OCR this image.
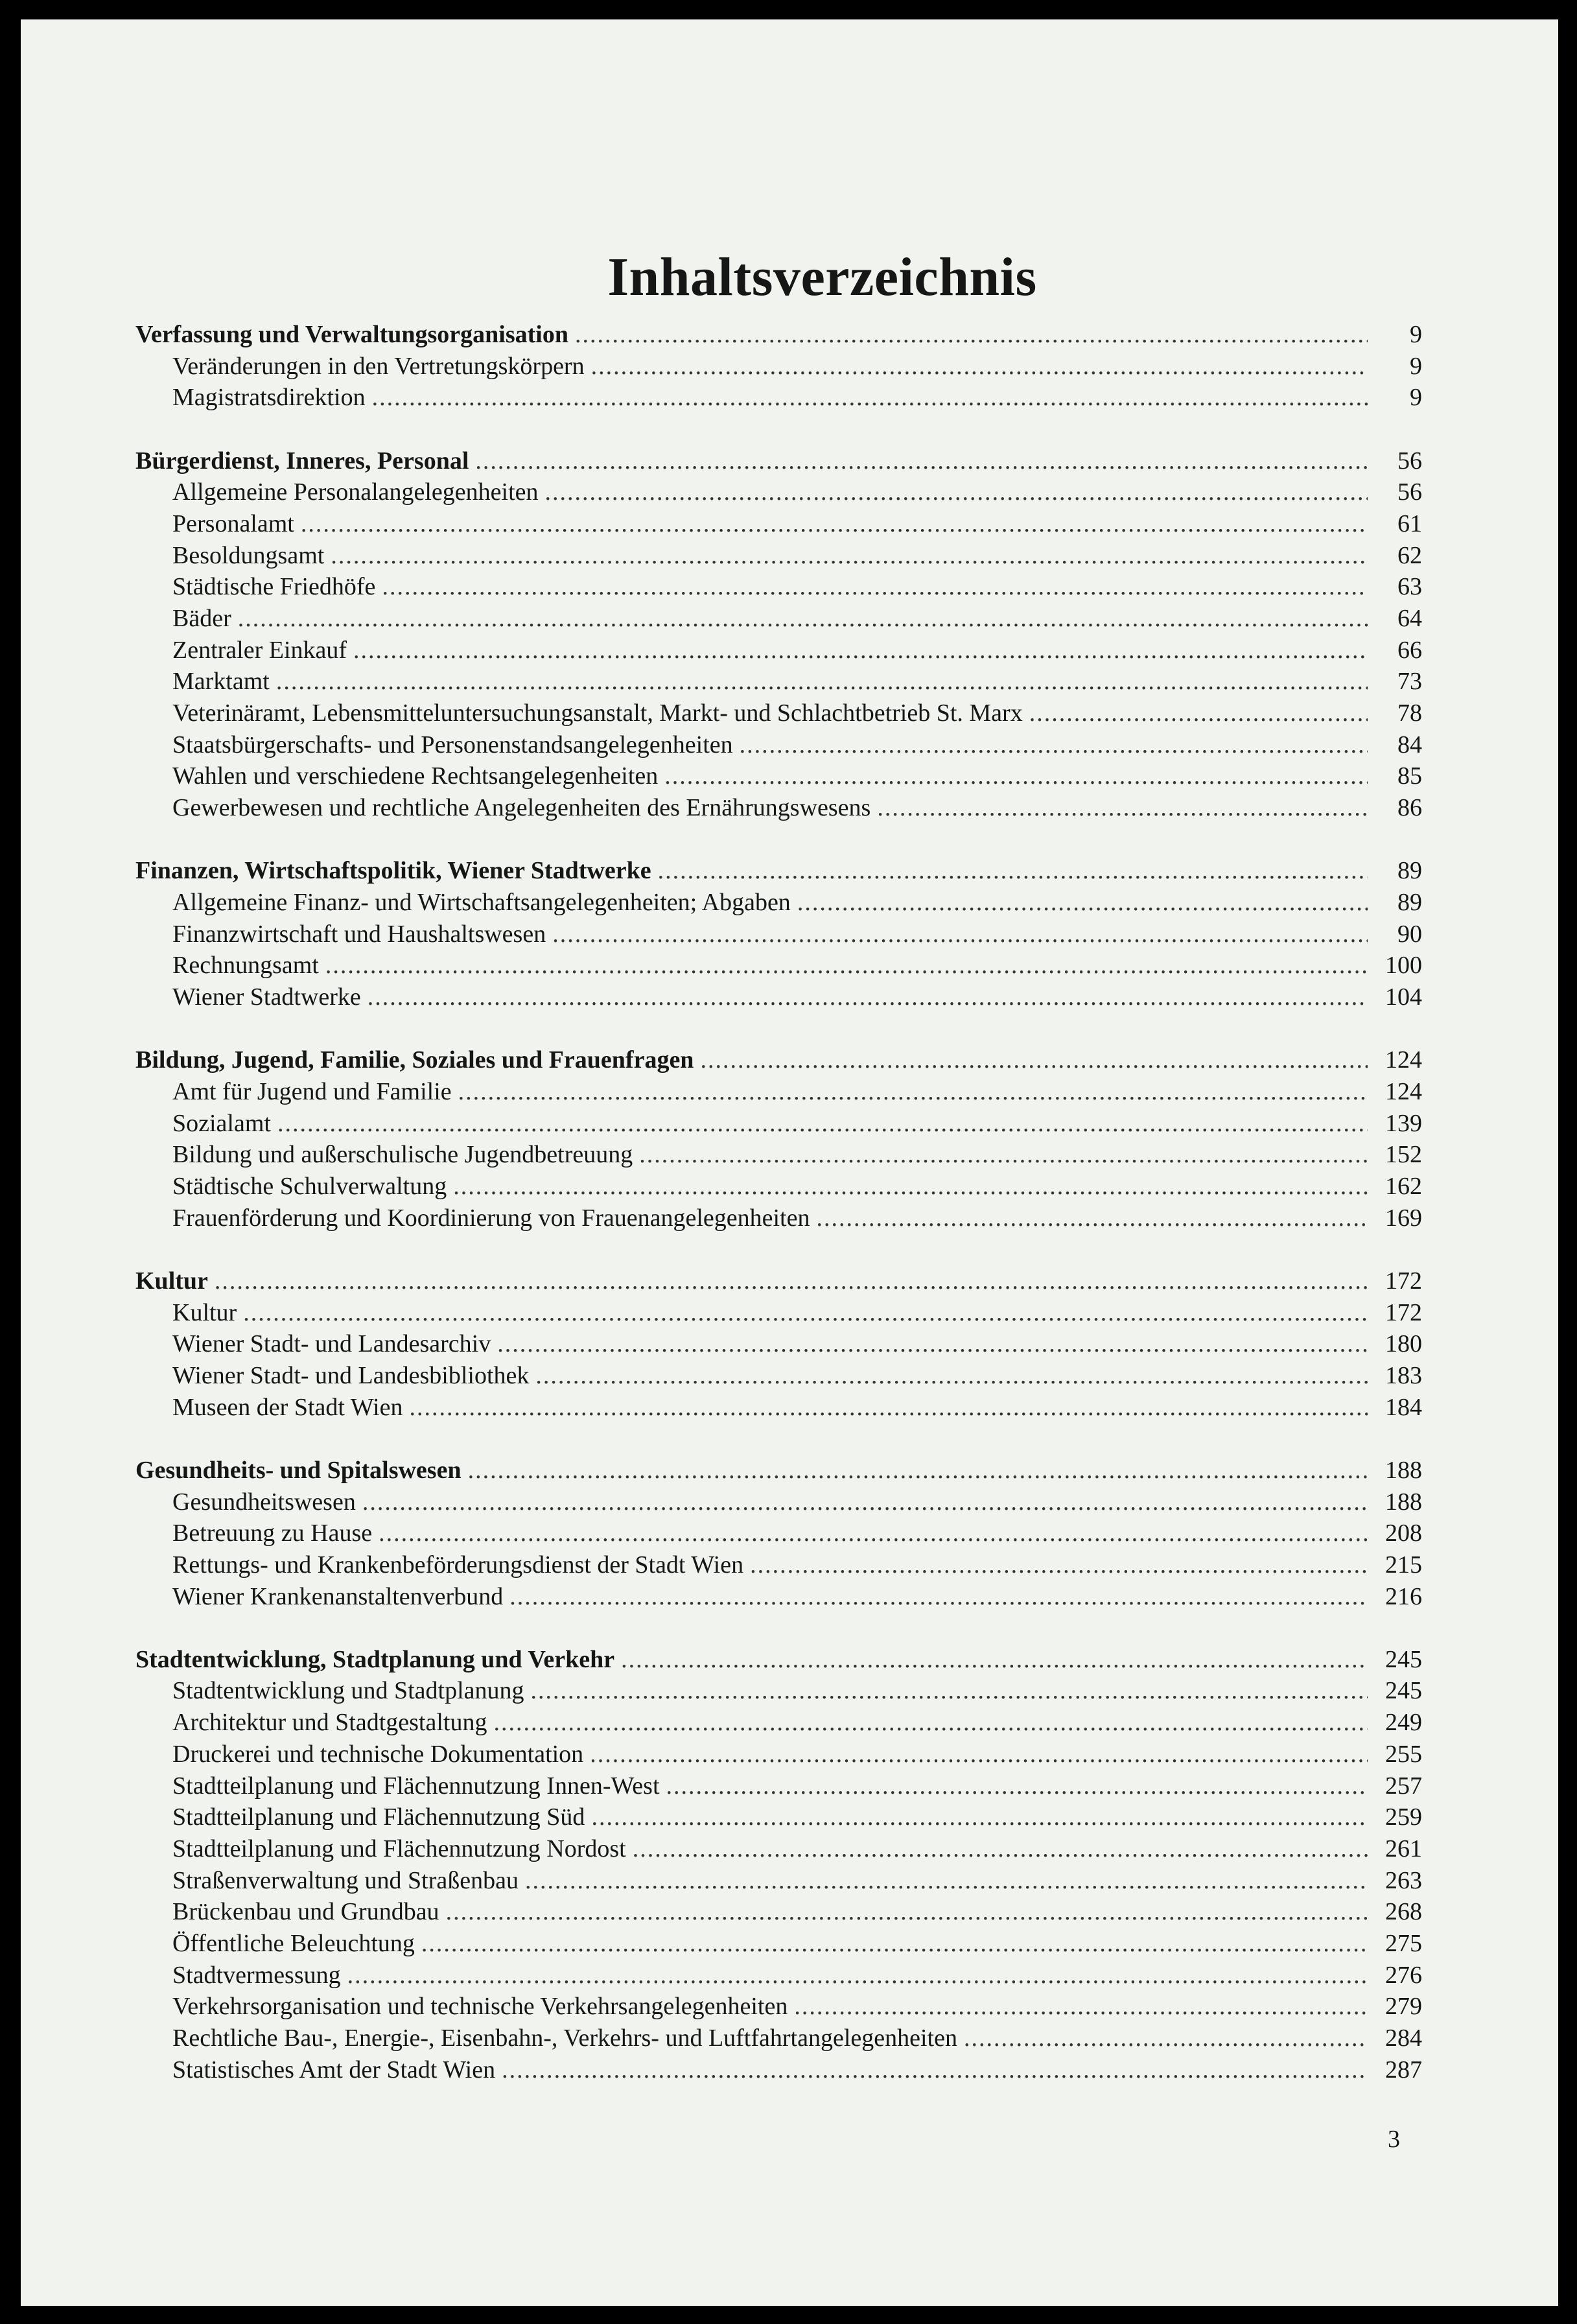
Inhaltsverzeichnis
Verfassung und Verwaltungsorganisation .....	9
Veränderungen in den Vertretungskörpern .....	9
Magistratsdirektion .....	9
Bürgerdienst, Inneres, Personal .....	56
Allgemeine Personalangelegenheiten .....	56
Personalamt .....	61
Besoldungsamt .....	62
Städtische Friedhöfe .....	63
Bäder .....	64
Zentraler Einkauf .....	66
Marktamt .....	73
Veterinäramt, Lebensmitteluntersuchungsanstalt, Markt- und Schlachtbetrieb St. Marx .....	78
Staatsbürgerschafts- und Personenstandsangelegenheiten .....	84
Wahlen und verschiedene Rechtsangelegenheiten .....	85
Gewerbewesen und rechtliche Angelegenheiten des Ernährungswesens .....	86
Finanzen, Wirtschaftspolitik, Wiener Stadtwerke .....	89
Allgemeine Finanz- und Wirtschaftsangelegenheiten; Abgaben .....	89
Finanzwirtschaft und Haushaltswesen .....	90
Rechnungsamt .....	100
Wiener Stadtwerke .....	104
Bildung, Jugend, Familie, Soziales und Frauenfragen .....	124
Amt für Jugend und Familie .....	124
Sozialamt .....	139
Bildung und außerschulische Jugendbetreuung .....	152
Städtische Schulverwaltung .....	162
Frauenförderung und Koordinierung von Frauenangelegenheiten .....	169
Kultur .....	172
Kultur .....	172
Wiener Stadt- und Landesarchiv .....	180
Wiener Stadt- und Landesbibliothek .....	183
Museen der Stadt Wien .....	184
Gesundheits- und Spitalswesen .....	188
Gesundheitswesen .....	188
Betreuung zu Hause .....	208
Rettungs- und Krankenbeförderungsdienst der Stadt Wien .....	215
Wiener Krankenanstaltenverbund .....	216
Stadtentwicklung, Stadtplanung und Verkehr .....	245
Stadtentwicklung und Stadtplanung .....	245
Architektur und Stadtgestaltung .....	249
Druckerei und technische Dokumentation .....	255
Stadtteilplanung und Flächennutzung Innen-West .....	257
Stadtteilplanung und Flächennutzung Süd .....	259
Stadtteilplanung und Flächennutzung Nordost .....	261
Straßenverwaltung und Straßenbau .....	263
Brückenbau und Grundbau .....	268
Öffentliche Beleuchtung .....	275
Stadtvermessung .....	276
Verkehrsorganisation und technische Verkehrsangelegenheiten .....	279
Rechtliche Bau-, Energie-, Eisenbahn-, Verkehrs- und Luftfahrtangelegenheiten .....	284
Statistisches Amt der Stadt Wien .....	287
3
